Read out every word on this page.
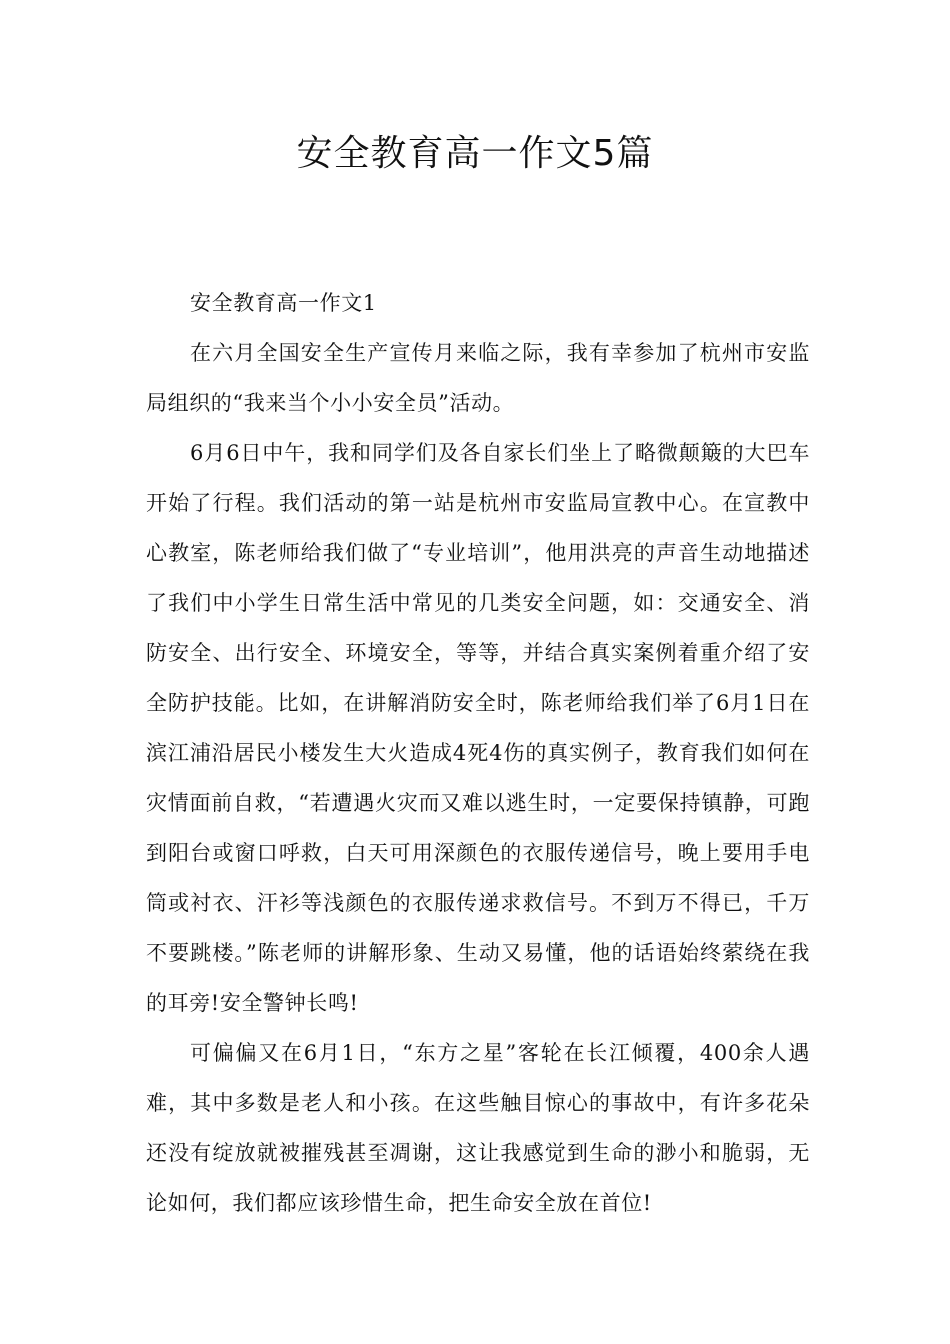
安全教育高一作文5篇

安全教育高一作文1

在六月全国安全生产宣传月来临之际，我有幸参加了杭州市安监局组织的“我来当个小小安全员”活动。

6月6日中午，我和同学们及各自家长们坐上了略微颠簸的大巴车开始了行程。我们活动的第一站是杭州市安监局宣教中心。在宣教中心教室，陈老师给我们做了“专业培训”，他用洪亮的声音生动地描述了我们中小学生日常生活中常见的几类安全问题，如：交通安全、消防安全、出行安全、环境安全，等等，并结合真实案例着重介绍了安全防护技能。比如，在讲解消防安全时，陈老师给我们举了6月1日在滨江浦沿居民小楼发生大火造成4死4伤的真实例子，教育我们如何在灾情面前自救，“若遭遇火灾而又难以逃生时，一定要保持镇静，可跑到阳台或窗口呼救，白天可用深颜色的衣服传递信号，晚上要用手电筒或衬衣、汗衫等浅颜色的衣服传递求救信号。不到万不得已，千万不要跳楼。”陈老师的讲解形象、生动又易懂，他的话语始终萦绕在我的耳旁!安全警钟长鸣!

可偏偏又在6月1日，“东方之星”客轮在长江倾覆，400余人遇难，其中多数是老人和小孩。在这些触目惊心的事故中，有许多花朵还没有绽放就被摧残甚至凋谢，这让我感觉到生命的渺小和脆弱，无论如何，我们都应该珍惜生命，把生命安全放在首位!
